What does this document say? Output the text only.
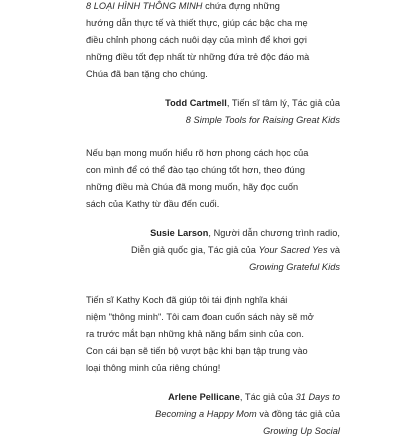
8 LOẠI HÌNH THÔNG MINH chứa đựng những
hướng dẫn thực tế và thiết thực, giúp các bậc cha mẹ
điều chỉnh phong cách nuôi dạy của mình để khơi gợi
những điều tốt đẹp nhất từ những đứa trẻ độc đáo mà
Chúa đã ban tặng cho chúng.
Todd Cartmell, Tiến sĩ tâm lý, Tác giả của
8 Simple Tools for Raising Great Kids
Nếu bạn mong muốn hiểu rõ hơn phong cách học của
con mình để có thể đào tạo chúng tốt hơn, theo đúng
những điều mà Chúa đã mong muốn, hãy đọc cuốn
sách của Kathy từ đầu đến cuối.
Susie Larson, Người dẫn chương trình radio,
Diễn giả quốc gia, Tác giả của Your Sacred Yes và
Growing Grateful Kids
Tiến sĩ Kathy Koch đã giúp tôi tái định nghĩa khái
niệm "thông minh". Tôi cam đoan cuốn sách này sẽ mở
ra trước mắt bạn những khả năng bẩm sinh của con.
Con cái bạn sẽ tiến bộ vượt bậc khi bạn tập trung vào
loại thông minh của riêng chúng!
Arlene Pellicane, Tác giả của 31 Days to
Becoming a Happy Mom và đồng tác giả của
Growing Up Social
